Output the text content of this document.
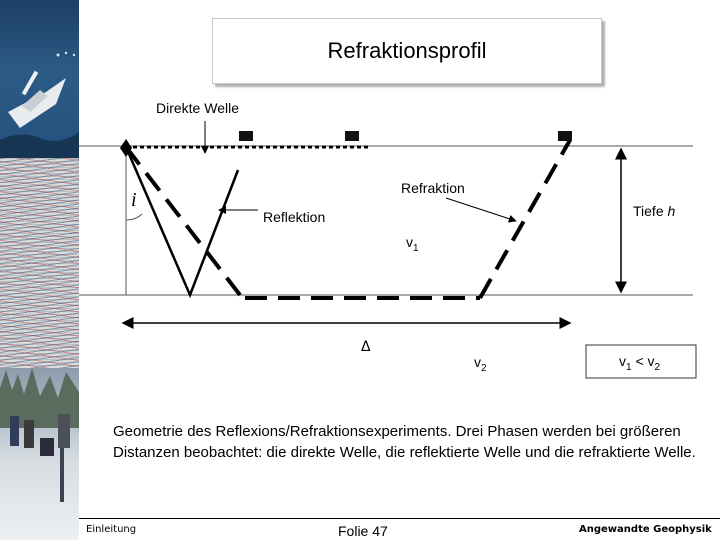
Refraktionsprofil
Direkte Welle
Refraktion
Reflektion	Tiefe h
i
$v_1$
Δ
$v_2$	$v_1 < v_2$
Geometrie des Reflexions/Refraktionsexperiments. Drei Phasen werden bei größeren Distanzen beobachtet: die direkte Welle, die reflektierte Welle und die refraktierte Welle.
Einleitung	Folie 47	Angewandte Geophysik
